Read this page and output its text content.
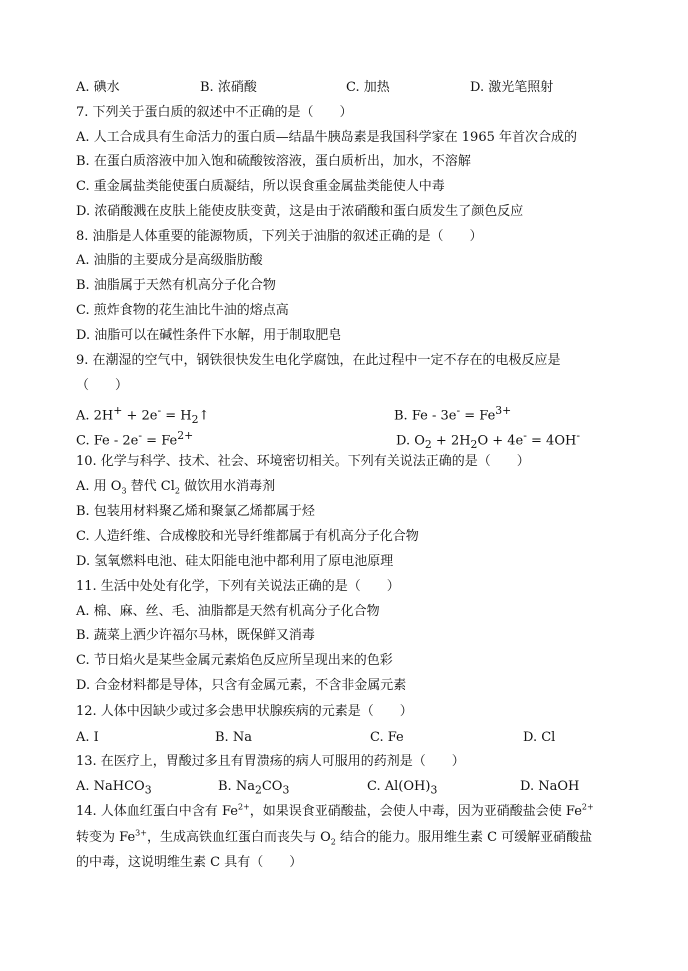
A. 碘水	B. 浓硝酸	C. 加热	D. 激光笔照射
7. 下列关于蛋白质的叙述中不正确的是（　　）
A. 人工合成具有生命活力的蛋白质—结晶牛胰岛素是我国科学家在 1965 年首次合成的
B. 在蛋白质溶液中加入饱和硫酸铵溶液，蛋白质析出，加水，不溶解
C. 重金属盐类能使蛋白质凝结，所以误食重金属盐类能使人中毒
D. 浓硝酸溅在皮肤上能使皮肤变黄，这是由于浓硝酸和蛋白质发生了颜色反应
8. 油脂是人体重要的能源物质，下列关于油脂的叙述正确的是（　　）
A. 油脂的主要成分是高级脂肪酸
B. 油脂属于天然有机高分子化合物
C. 煎炸食物的花生油比牛油的熔点高
D. 油脂可以在碱性条件下水解，用于制取肥皂
9. 在潮湿的空气中，钢铁很快发生电化学腐蚀，在此过程中一定不存在的电极反应是
（　　）
A. $2H^+ + 2e^- = H_2↑$	B. $Fe - 3e^- = Fe^{3+}$
C. $Fe - 2e^- = Fe^{2+}$	D. $O_2 + 2H_2O + 4e^- = 4OH^-$
10. 化学与科学、技术、社会、环境密切相关。下列有关说法正确的是（　　）
A. 用 $O_3$ 替代 $Cl_2$ 做饮用水消毒剂
B. 包装用材料聚乙烯和聚氯乙烯都属于烃
C. 人造纤维、合成橡胶和光导纤维都属于有机高分子化合物
D. 氢氧燃料电池、硅太阳能电池中都利用了原电池原理
11. 生活中处处有化学，下列有关说法正确的是（　　）
A. 棉、麻、丝、毛、油脂都是天然有机高分子化合物
B. 蔬菜上洒少许福尔马林，既保鲜又消毒
C. 节日焰火是某些金属元素焰色反应所呈现出来的色彩
D. 合金材料都是导体，只含有金属元素，不含非金属元素
12. 人体中因缺少或过多会患甲状腺疾病的元素是（　　）
A. I	B. Na	C. Fe	D. Cl
13. 在医疗上，胃酸过多且有胃溃疡的病人可服用的药剂是（　　）
A. NaHCO$_3$	B. $Na_2CO_3$	C. $Al(OH)_3$	D. NaOH
14. 人体血红蛋白中含有 $Fe^{2+}$，如果误食亚硝酸盐，会使人中毒，因为亚硝酸盐会使 $Fe^{2+}$
转变为 $Fe^{3+}$，生成高铁血红蛋白而丧失与 $O_2$ 结合的能力。服用维生素 C 可缓解亚硝酸盐
的中毒，这说明维生素 C 具有（　　）
